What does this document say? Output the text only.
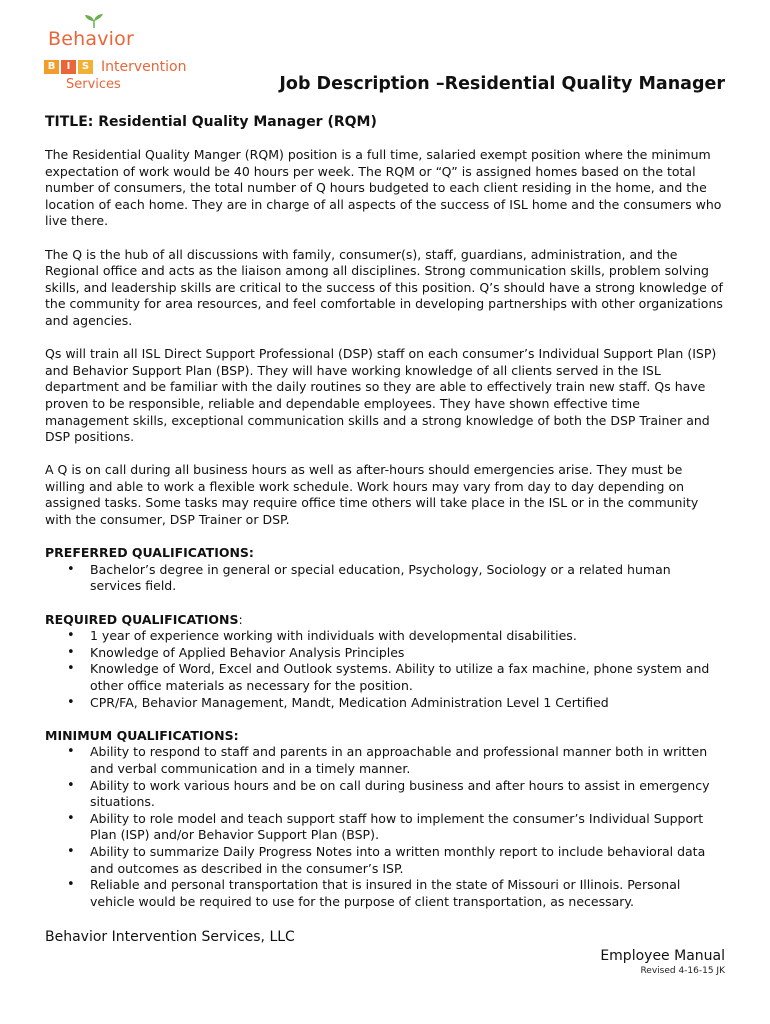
Behavior
B	I	S Intervention
Services	Job Description –Residential Quality Manager
TITLE: Residential Quality Manager (RQM)

The Residential Quality Manger (RQM) position is a full time, salaried exempt position where the minimum expectation of work would be 40 hours per week. The RQM or “Q” is assigned homes based on the total number of consumers, the total number of Q hours budgeted to each client residing in the home, and the location of each home. They are in charge of all aspects of the success of ISL home and the consumers who live there.

The Q is the hub of all discussions with family, consumer(s), staff, guardians, administration, and the Regional office and acts as the liaison among all disciplines. Strong communication skills, problem solving skills, and leadership skills are critical to the success of this position. Q’s should have a strong knowledge of the community for area resources, and feel comfortable in developing partnerships with other organizations and agencies.

Qs will train all ISL Direct Support Professional (DSP) staff on each consumer’s Individual Support Plan (ISP) and Behavior Support Plan (BSP). They will have working knowledge of all clients served in the ISL department and be familiar with the daily routines so they are able to effectively train new staff. Qs have proven to be responsible, reliable and dependable employees. They have shown effective time management skills, exceptional communication skills and a strong knowledge of both the DSP Trainer and DSP positions.

A Q is on call during all business hours as well as after-hours should emergencies arise. They must be willing and able to work a flexible work schedule. Work hours may vary from day to day depending on assigned tasks. Some tasks may require office time others will take place in the ISL or in the community with the consumer, DSP Trainer or DSP.

PREFERRED QUALIFICATIONS:
• Bachelor’s degree in general or special education, Psychology, Sociology or a related human services field.
REQUIRED QUALIFICATIONS:
• 1 year of experience working with individuals with developmental disabilities.
• Knowledge of Applied Behavior Analysis Principles
• Knowledge of Word, Excel and Outlook systems. Ability to utilize a fax machine, phone system and other office materials as necessary for the position.
• CPR/FA, Behavior Management, Mandt, Medication Administration Level 1 Certified
MINIMUM QUALIFICATIONS:
• Ability to respond to staff and parents in an approachable and professional manner both in written and verbal communication and in a timely manner.
• Ability to work various hours and be on call during business and after hours to assist in emergency situations.
• Ability to role model and teach support staff how to implement the consumer’s Individual Support Plan (ISP) and/or Behavior Support Plan (BSP).
• Ability to summarize Daily Progress Notes into a written monthly report to include behavioral data and outcomes as described in the consumer’s ISP.
• Reliable and personal transportation that is insured in the state of Missouri or Illinois. Personal vehicle would be required to use for the purpose of client transportation, as necessary.
Behavior Intervention Services, LLC
Employee Manual
Revised 4-16-15 JK
